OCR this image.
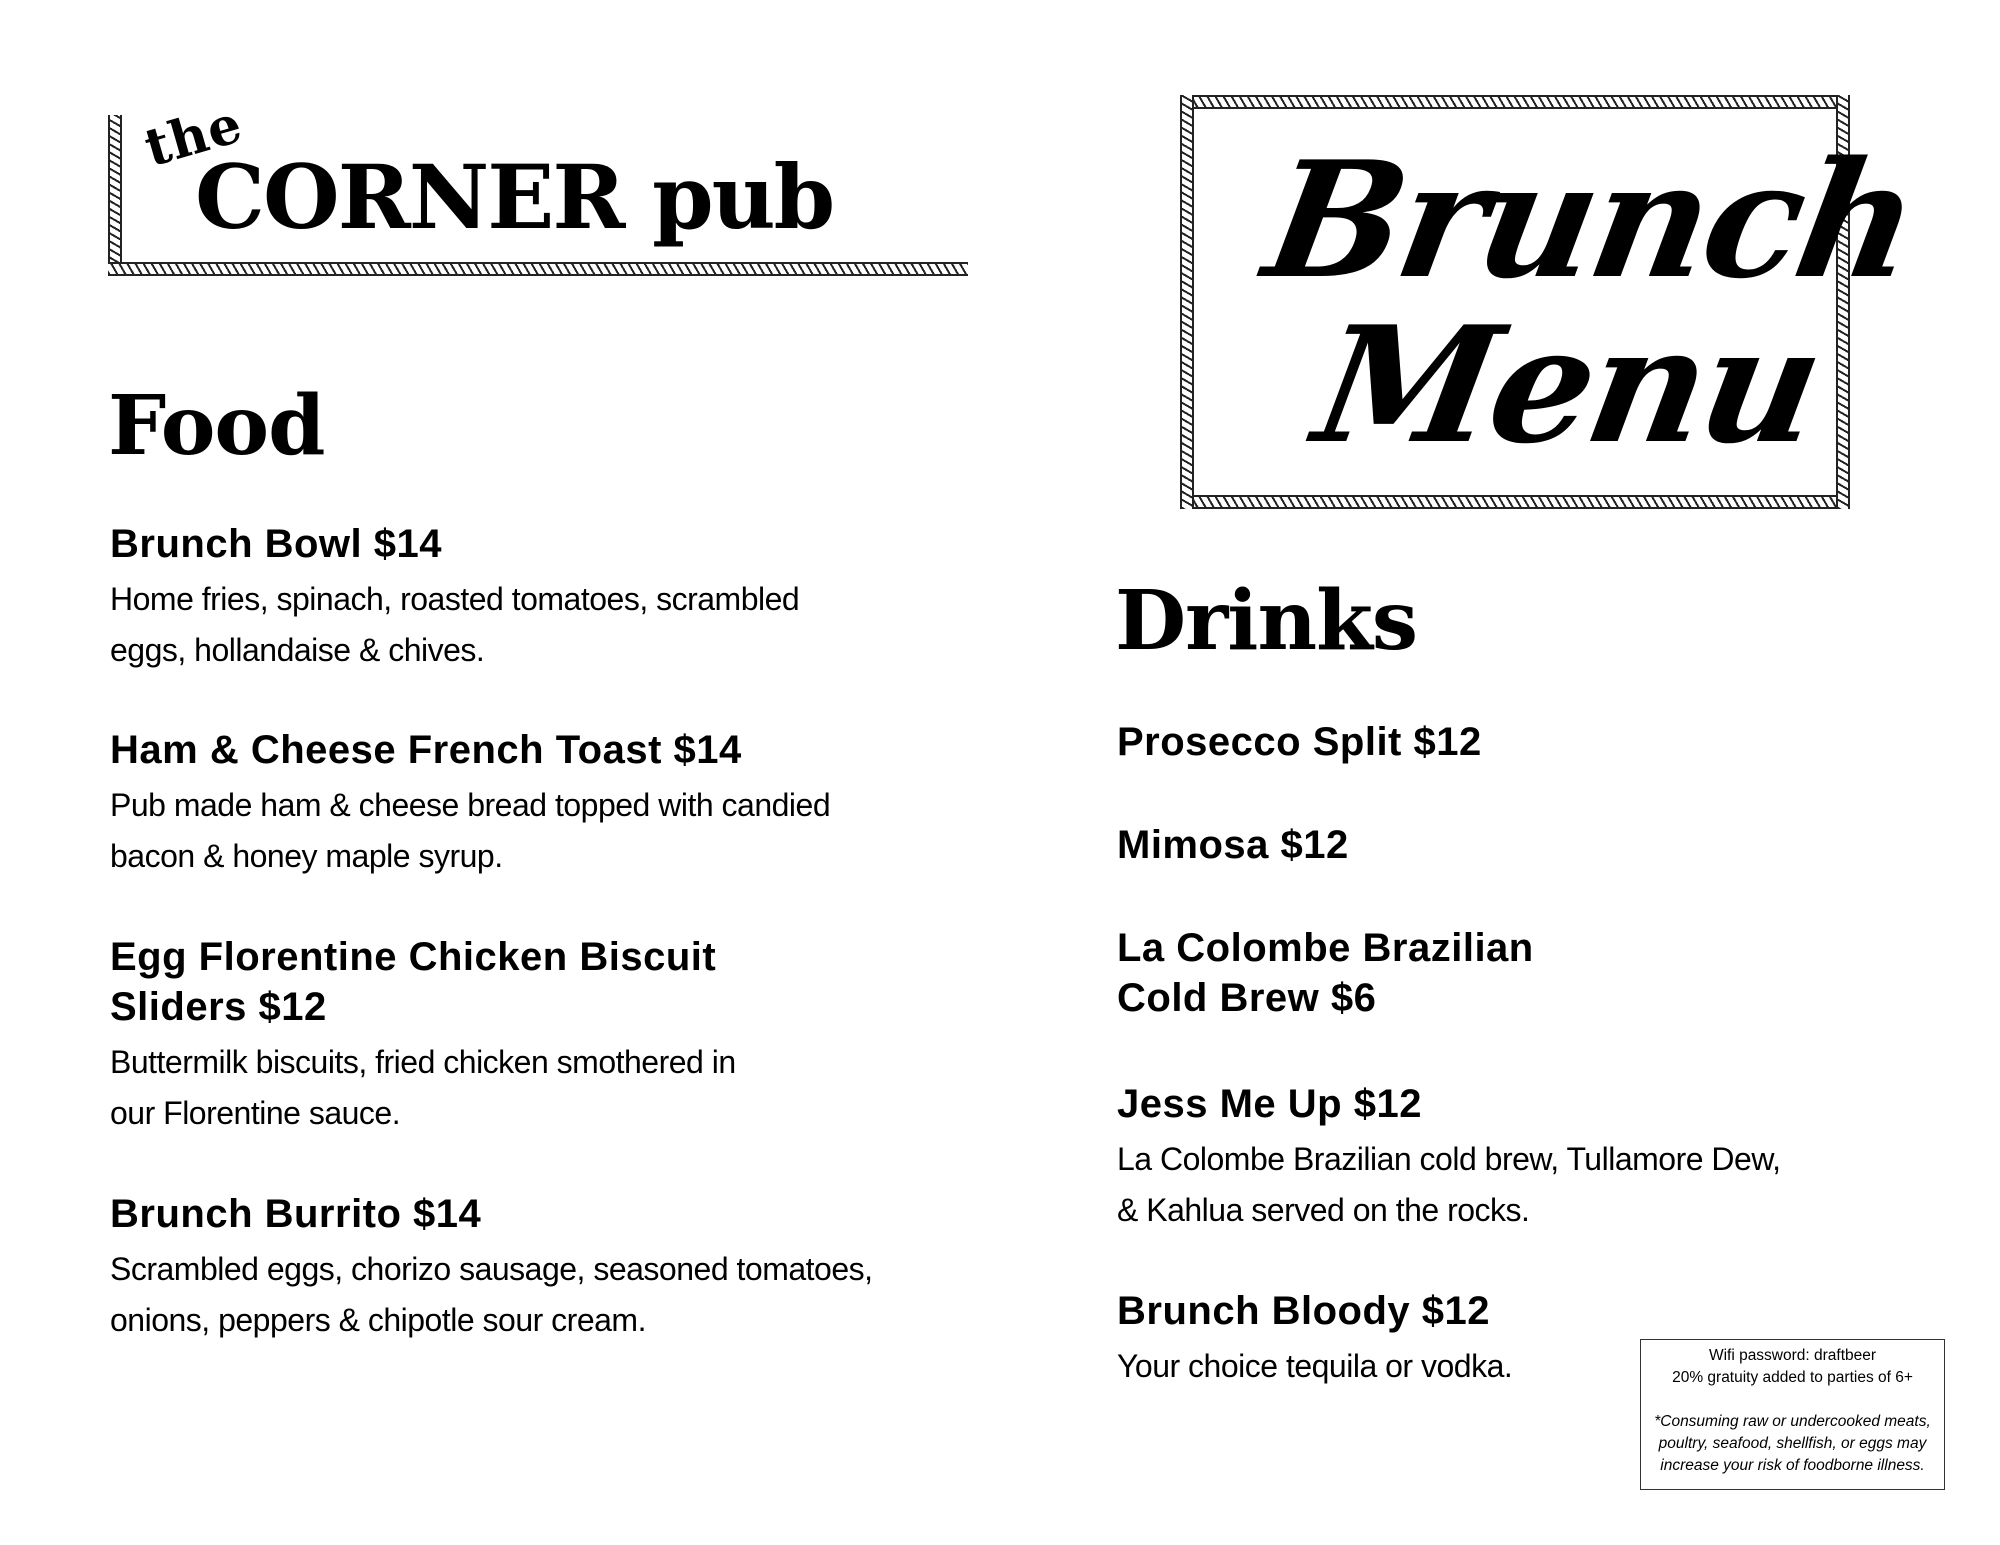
the
CORNER pub	Brunch
Menu
Food
Brunch Bowl $14
Home fries, spinach, roasted tomatoes, scrambled
eggs, hollandaise & chives.
Ham & Cheese French Toast $14
Pub made ham & cheese bread topped with candied
bacon & honey maple syrup.
Egg Florentine Chicken Biscuit
Sliders $12
Buttermilk biscuits, fried chicken smothered in
our Florentine sauce.
Brunch Burrito $14
Scrambled eggs, chorizo sausage, seasoned tomatoes,
onions, peppers & chipotle sour cream.
Drinks
Prosecco Split $12
Mimosa $12
La Colombe Brazilian
Cold Brew $6
Jess Me Up $12
La Colombe Brazilian cold brew, Tullamore Dew,
& Kahlua served on the rocks.
Brunch Bloody $12
Your choice tequila or vodka.	Wifi password: draftbeer
20% gratuity added to parties of 6+
*Consuming raw or undercooked meats,
poultry, seafood, shellfish, or eggs may
increase your risk of foodborne illness.
